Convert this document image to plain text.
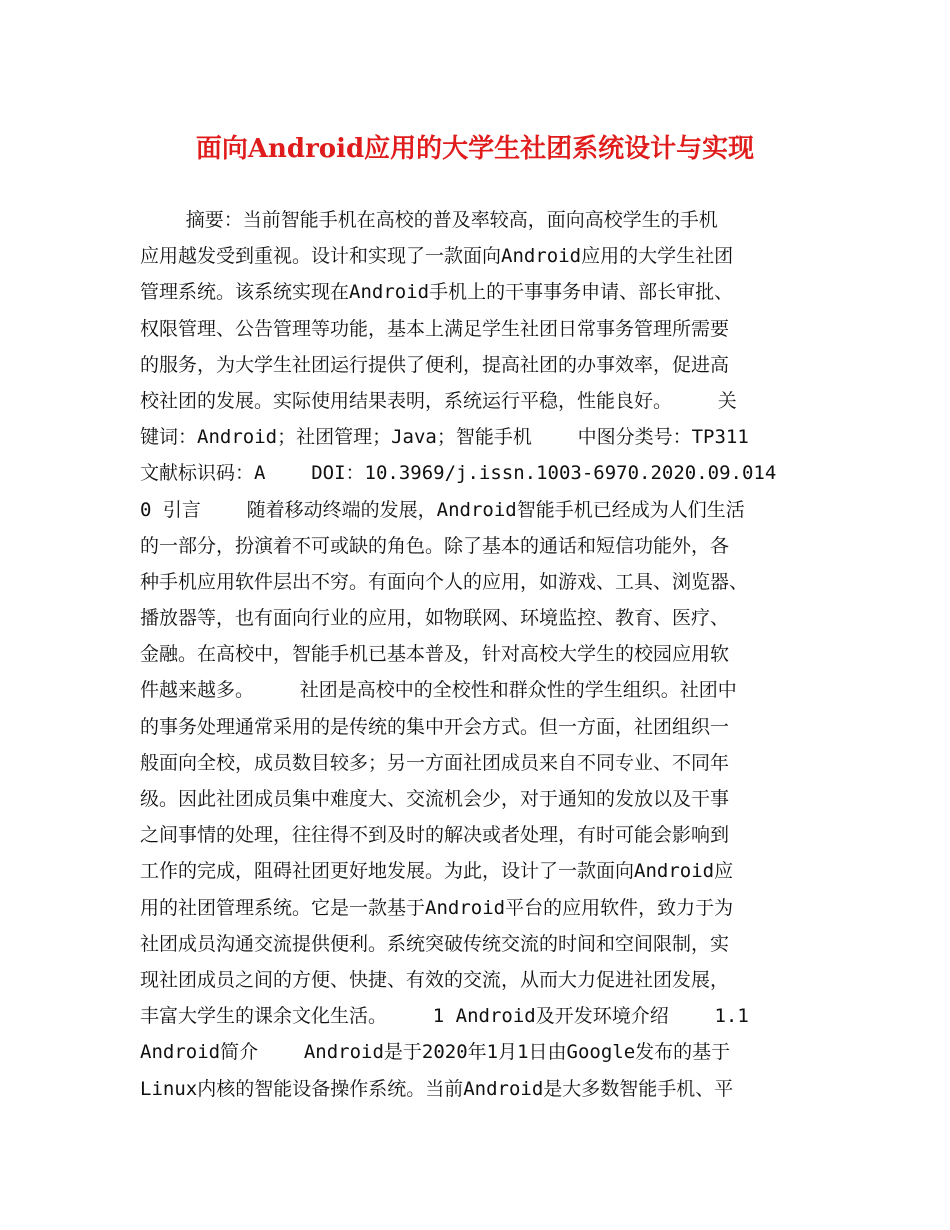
面向Android应用的大学生社团系统设计与实现
摘要：当前智能手机在高校的普及率较高，面向高校学生的手机
应用越发受到重视。设计和实现了一款面向Android应用的大学生社团
管理系统。该系统实现在Android手机上的干事事务申请、部长审批、
权限管理、公告管理等功能，基本上满足学生社团日常事务管理所需要
的服务，为大学生社团运行提供了便利，提高社团的办事效率，促进高
校社团的发展。实际使用结果表明，系统运行平稳，性能良好。    关
键词：Android；社团管理；Java；智能手机    中图分类号：TP311
文献标识码：A    DOI：10.3969/j.issn.1003-6970.2020.09.014
0 引言    随着移动终端的发展，Android智能手机已经成为人们生活
的一部分，扮演着不可或缺的角色。除了基本的通话和短信功能外，各
种手机应用软件层出不穷。有面向个人的应用，如游戏、工具、浏览器、
播放器等，也有面向行业的应用，如物联网、环境监控、教育、医疗、
金融。在高校中，智能手机已基本普及，针对高校大学生的校园应用软
件越来越多。    社团是高校中的全校性和群众性的学生组织。社团中
的事务处理通常采用的是传统的集中开会方式。但一方面，社团组织一
般面向全校，成员数目较多；另一方面社团成员来自不同专业、不同年
级。因此社团成员集中难度大、交流机会少，对于通知的发放以及干事
之间事情的处理，往往得不到及时的解决或者处理，有时可能会影响到
工作的完成，阻碍社团更好地发展。为此，设计了一款面向Android应
用的社团管理系统。它是一款基于Android平台的应用软件，致力于为
社团成员沟通交流提供便利。系统突破传统交流的时间和空间限制，实
现社团成员之间的方便、快捷、有效的交流，从而大力促进社团发展，
丰富大学生的课余文化生活。    1 Android及开发环境介绍    1.1
Android简介    Android是于2020年1月1日由Google发布的基于
Linux内核的智能设备操作系统。当前Android是大多数智能手机、平
